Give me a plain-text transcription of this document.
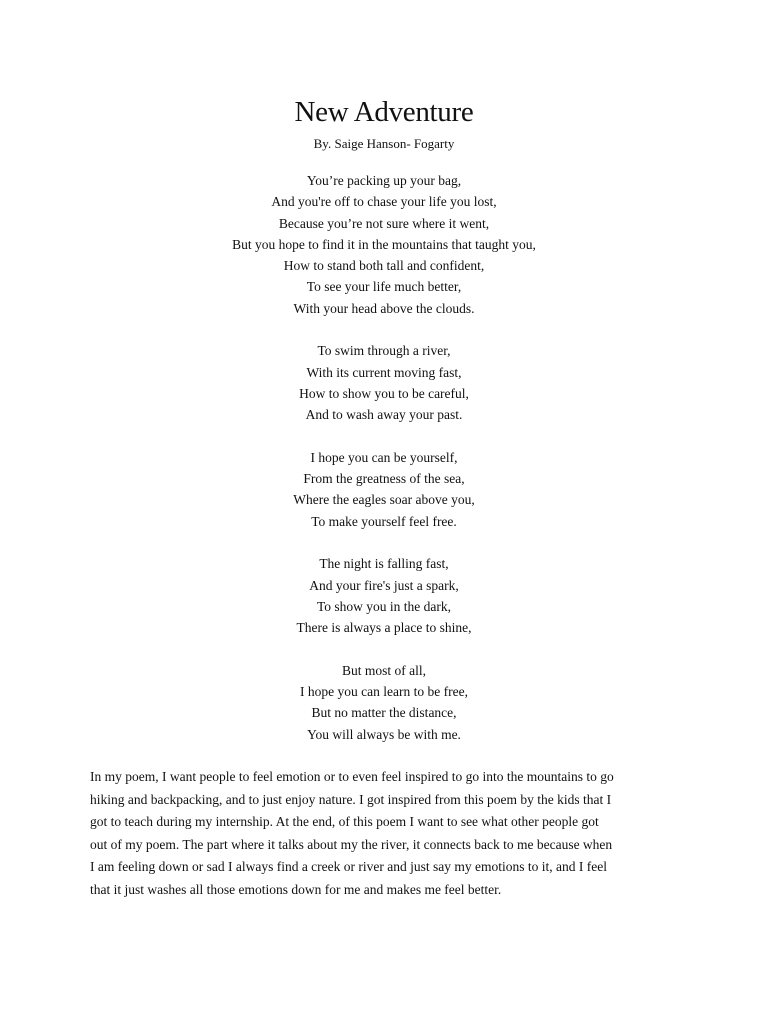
New Adventure
By. Saige Hanson- Fogarty
You’re packing up your bag,
And you're off to chase your life you lost,
Because you’re not sure where it went,
But you hope to find it in the mountains that taught you,
How to stand both tall and confident,
To see your life much better,
With your head above the clouds.
To swim through a river,
With its current moving fast,
How to show you to be careful,
And to wash away your past.
I hope you can be yourself,
From the greatness of the sea,
Where the eagles soar above you,
To make yourself feel free.
The night is falling fast,
And your fire's just a spark,
To show you in the dark,
There is always a place to shine,
But most of all,
I hope you can learn to be free,
But no matter the distance,
You will always be with me.
In my poem, I want people to feel emotion or to even feel inspired to go into the mountains to go
hiking and backpacking, and to just enjoy nature. I got inspired from this poem by the kids that I
got to teach during my internship. At the end, of this poem I want to see what other people got
out of my poem. The part where it talks about my the river, it connects back to me because when
I am feeling down or sad I always find a creek or river and just say my emotions to it, and I feel
that it just washes all those emotions down for me and makes me feel better.
